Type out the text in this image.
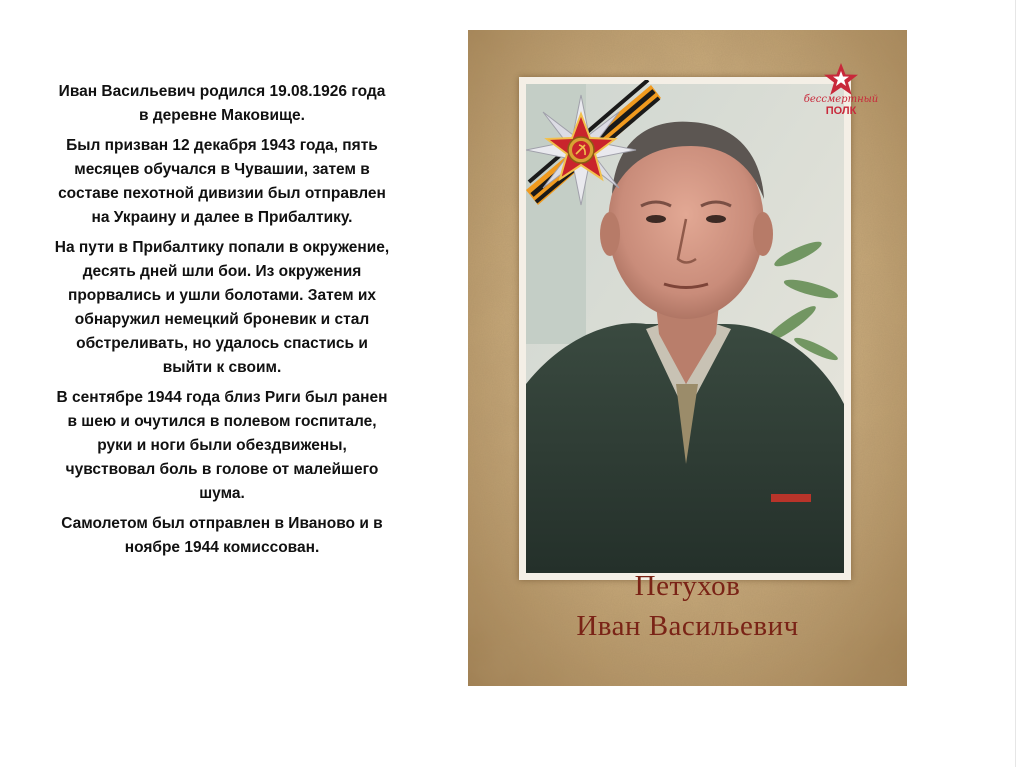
Иван Васильевич родился 19.08.1926 года в деревне Маковище.

Был призван 12 декабря 1943 года, пять месяцев обучался в Чувашии, затем в составе пехотной дивизии был отправлен на Украину и далее в Прибалтику.

На пути в Прибалтику попали в окружение, десять дней шли бои. Из окружения прорвались и ушли болотами. Затем их обнаружил немецкий броневик и стал обстреливать, но удалось спастись и выйти к своим.

В сентябре 1944 года близ Риги был ранен в шею и очутился в полевом госпитале, руки и ноги были обездвижены, чувствовал боль в голове от малейшего шума.

Самолетом был отправлен в Иваново и в ноябре 1944 комиссован.

бессмертный
ПОЛК
Петухов
Иван Васильевич
